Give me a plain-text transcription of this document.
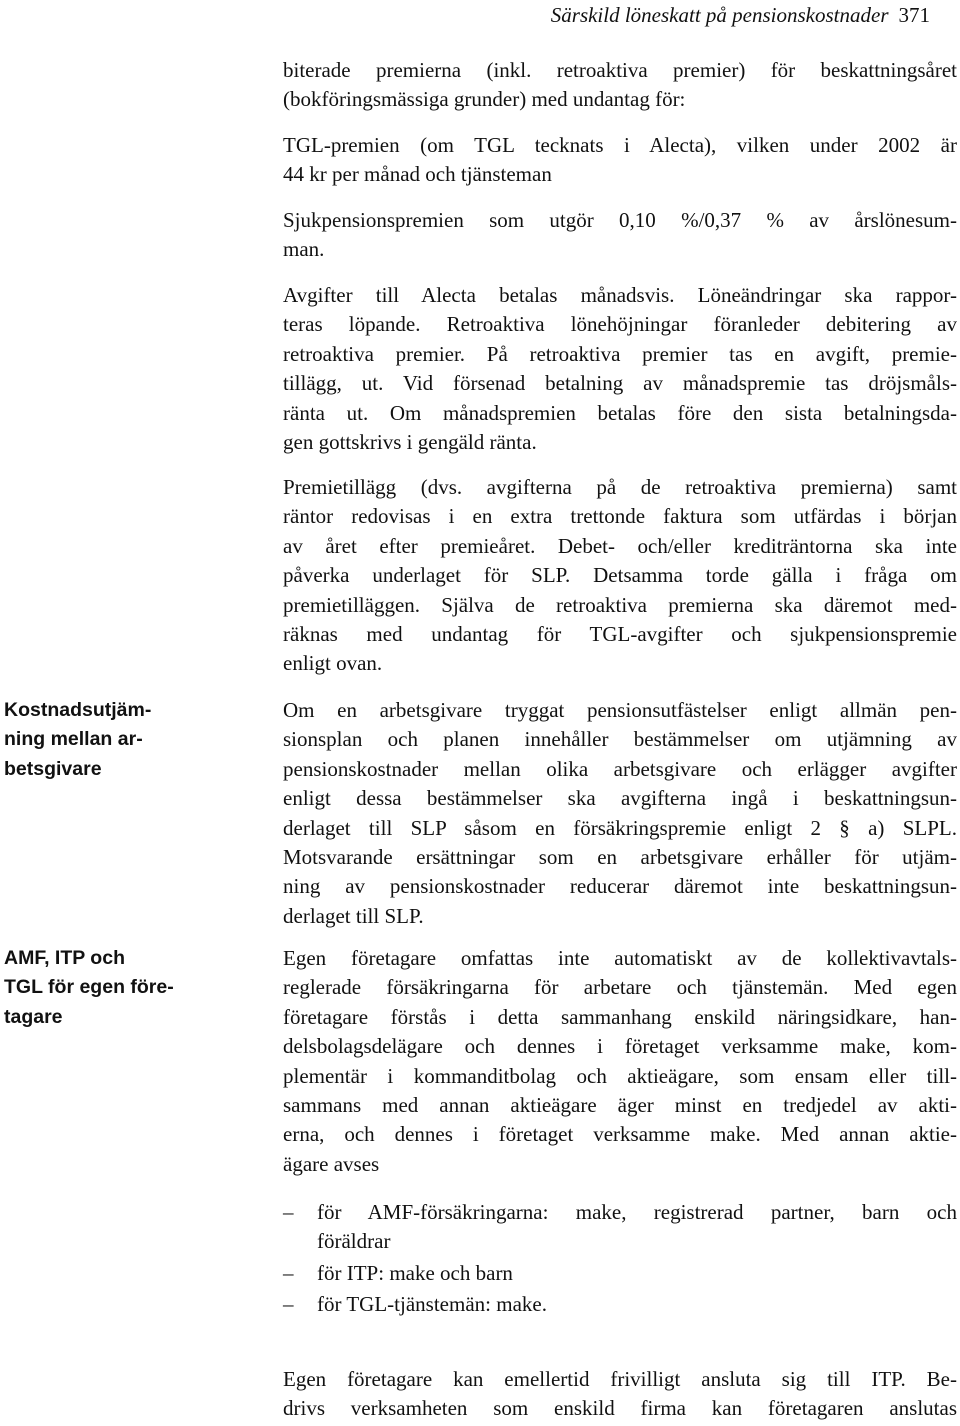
Särskild löneskatt på pensionskostnader 371
Kostnadsutjäm-
ning mellan ar-
betsgivare
AMF, ITP och
TGL för egen före-
tagare
biterade premierna (inkl. retroaktiva premier) för beskattningsåret
(bokföringsmässiga grunder) med undantag för:
TGL-premien (om TGL tecknats i Alecta), vilken under 2002 är
44 kr per månad och tjänsteman
Sjukpensionspremien som utgör 0,10 %/0,37 % av årslönesum-
man.
Avgifter till Alecta betalas månadsvis. Löneändringar ska rappor-
teras löpande. Retroaktiva lönehöjningar föranleder debitering av
retroaktiva premier. På retroaktiva premier tas en avgift, premie-
tillägg, ut. Vid försenad betalning av månadspremie tas dröjsmåls-
ränta ut. Om månadspremien betalas före den sista betalningsda-
gen gottskrivs i gengäld ränta.
Premietillägg (dvs. avgifterna på de retroaktiva premierna) samt
räntor redovisas i en extra trettonde faktura som utfärdas i början
av året efter premieåret. Debet- och/eller krediträntorna ska inte
påverka underlaget för SLP. Detsamma torde gälla i fråga om
premietilläggen. Själva de retroaktiva premierna ska däremot med-
räknas med undantag för TGL-avgifter och sjukpensionspremie
enligt ovan.
Om en arbetsgivare tryggat pensionsutfästelser enligt allmän pen-
sionsplan och planen innehåller bestämmelser om utjämning av
pensionskostnader mellan olika arbetsgivare och erlägger avgifter
enligt dessa bestämmelser ska avgifterna ingå i beskattningsun-
derlaget till SLP såsom en försäkringspremie enligt 2 § a) SLPL.
Motsvarande ersättningar som en arbetsgivare erhåller för utjäm-
ning av pensionskostnader reducerar däremot inte beskattningsun-
derlaget till SLP.
Egen företagare omfattas inte automatiskt av de kollektivavtals-
reglerade försäkringarna för arbetare och tjänstemän. Med egen
företagare förstås i detta sammanhang enskild näringsidkare, han-
delsbolagsdelägare och dennes i företaget verksamme make, kom-
plementär i kommanditbolag och aktieägare, som ensam eller till-
sammans med annan aktieägare äger minst en tredjedel av akti-
erna, och dennes i företaget verksamme make. Med annan aktie-
ägare avses
– för AMF-försäkringarna: make, registrerad partner, barn och
föräldrar
– för ITP: make och barn
– för TGL-tjänstemän: make.
Egen företagare kan emellertid frivilligt ansluta sig till ITP. Be-
drivs verksamheten som enskild firma kan företagaren anslutas
